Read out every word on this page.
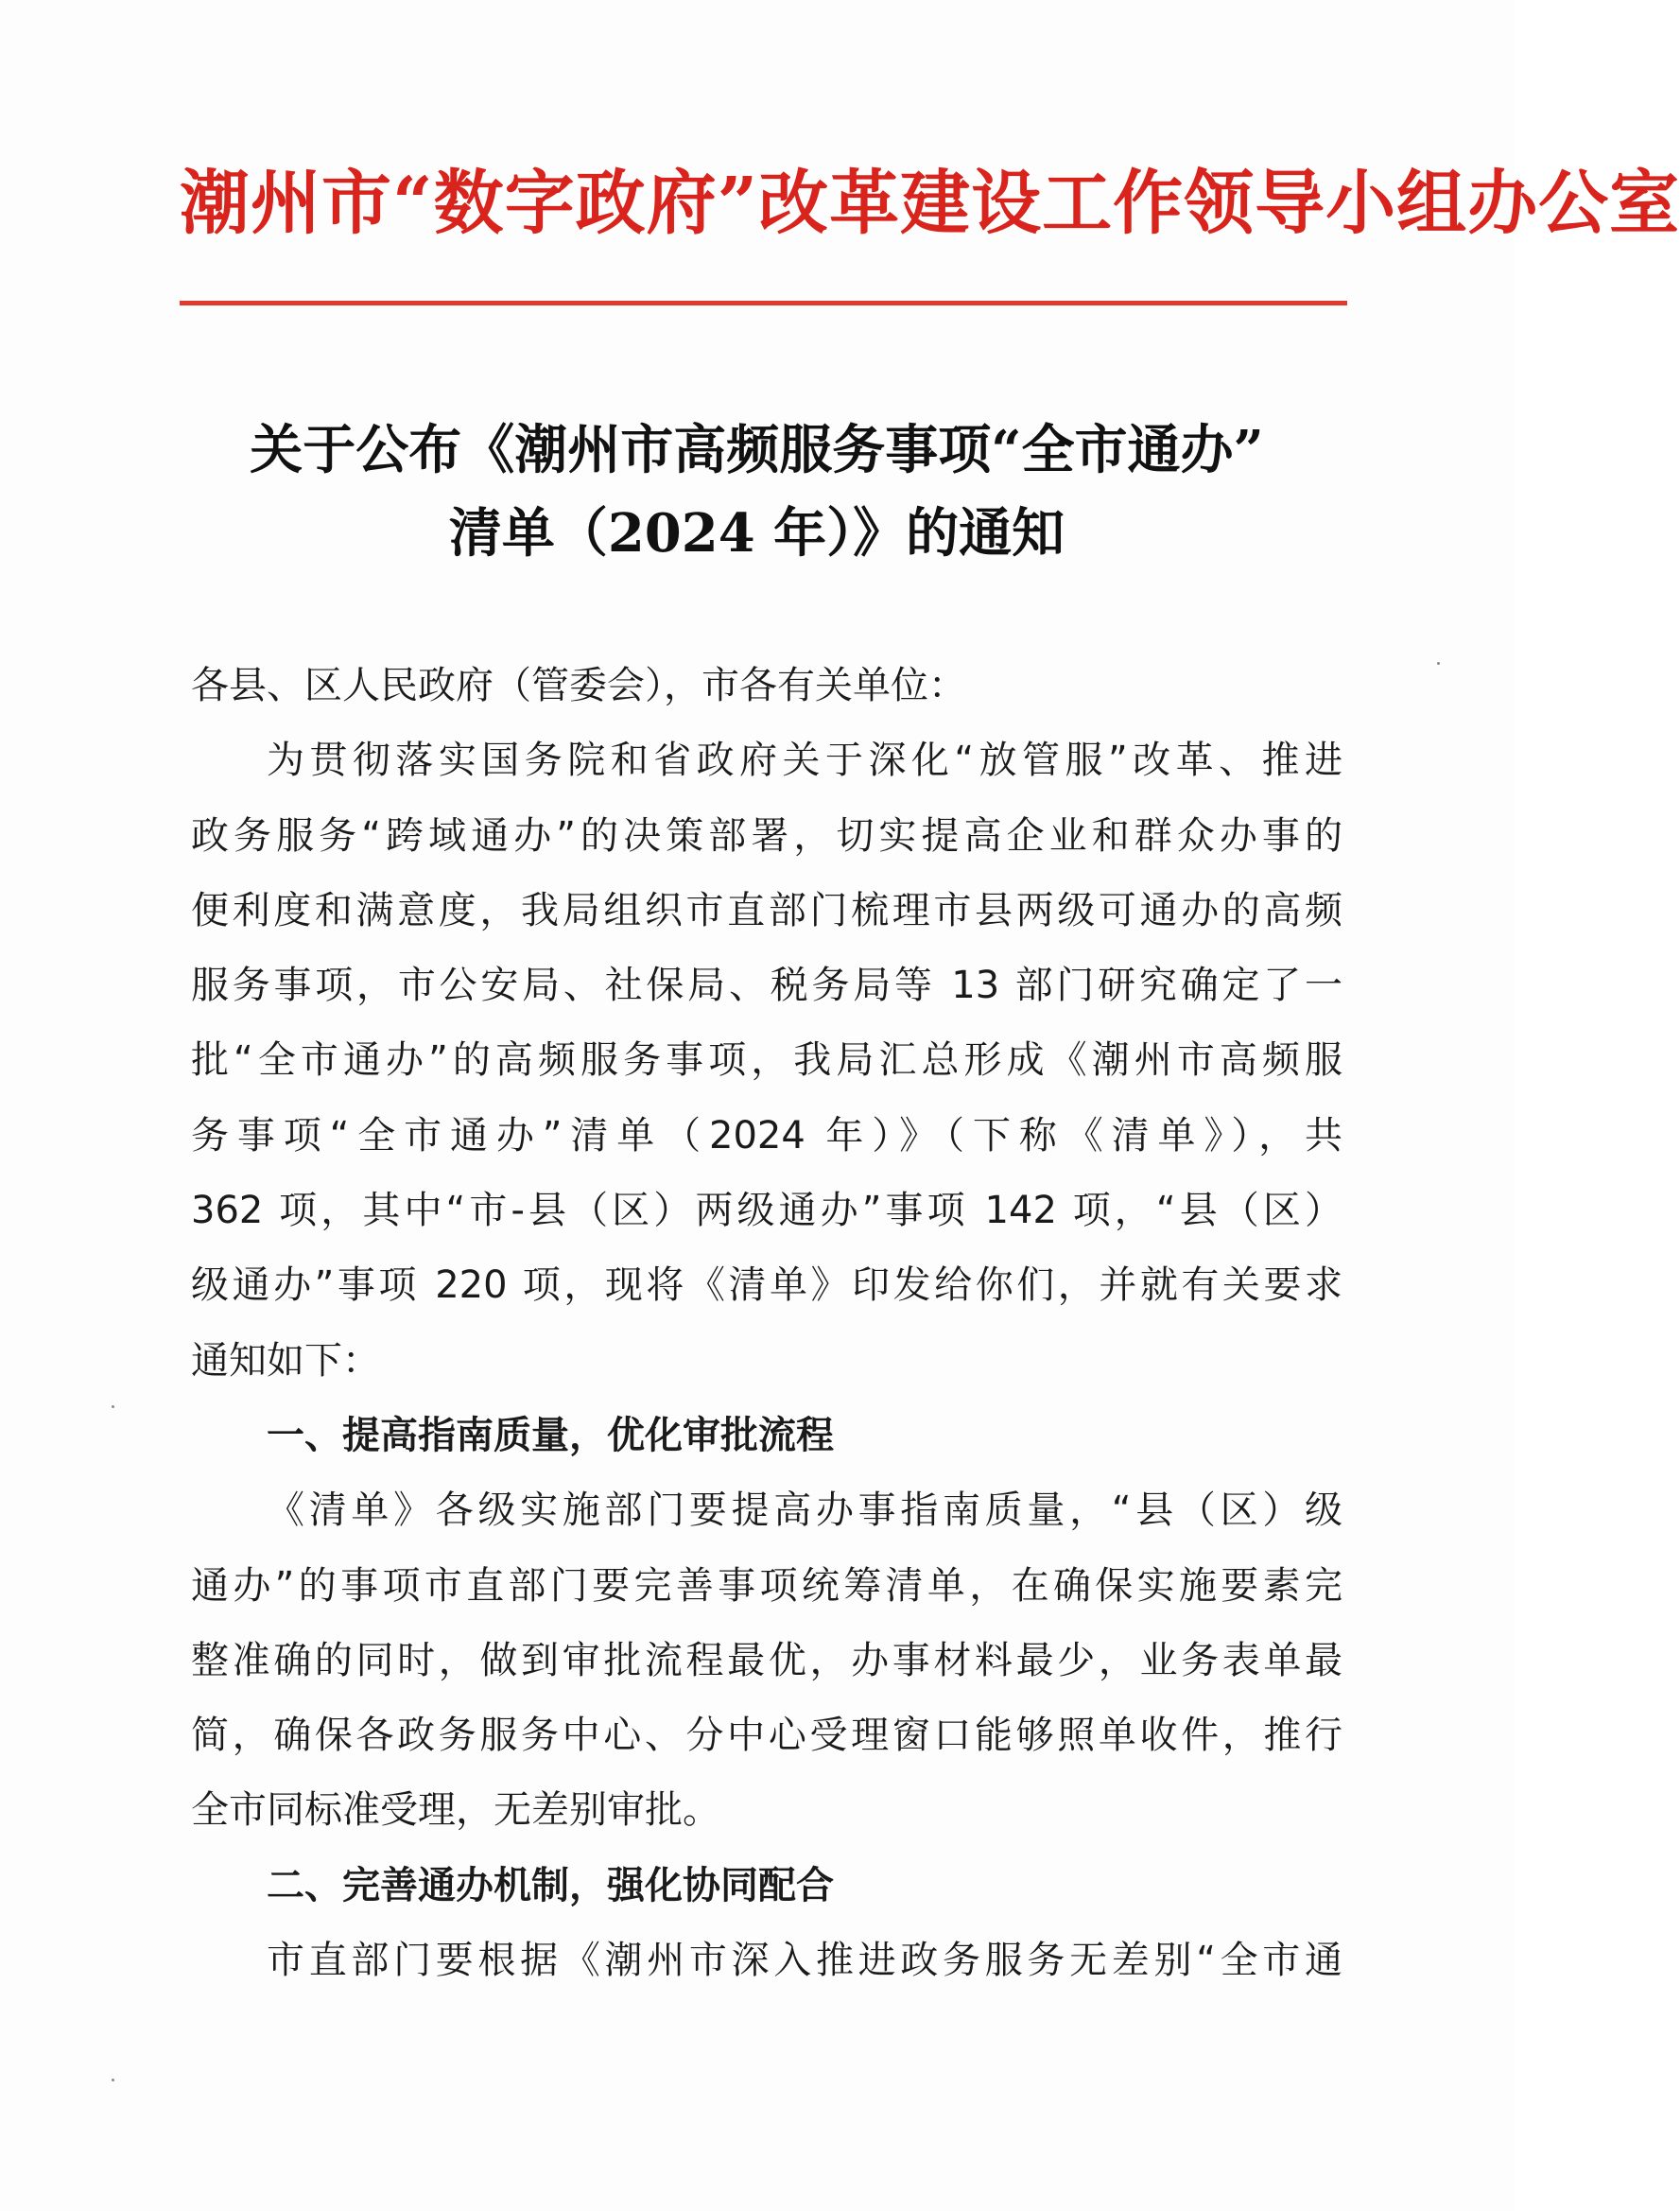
潮州市“数字政府”改革建设工作领导小组办公室
关于公布《潮州市高频服务事项“全市通办”
清单（2024 年）》的通知
各县、区人民政府（管委会），市各有关单位：
为贯彻落实国务院和省政府关于深化“放管服”改革、推进
政务服务“跨域通办”的决策部署，切实提高企业和群众办事的
便利度和满意度，我局组织市直部门梳理市县两级可通办的高频
服务事项，市公安局、社保局、税务局等 13 部门研究确定了一
批“全市通办”的高频服务事项，我局汇总形成《潮州市高频服
务事项“全市通办”清单（2024 年）》（下称《清单》），共
362 项，其中“市-县（区）两级通办”事项 142 项，“县（区）
级通办”事项 220 项，现将《清单》印发给你们，并就有关要求
通知如下：
一、提高指南质量，优化审批流程
《清单》各级实施部门要提高办事指南质量，“县（区）级
通办”的事项市直部门要完善事项统筹清单，在确保实施要素完
整准确的同时，做到审批流程最优，办事材料最少，业务表单最
简，确保各政务服务中心、分中心受理窗口能够照单收件，推行
全市同标准受理，无差别审批。
二、完善通办机制，强化协同配合
市直部门要根据《潮州市深入推进政务服务无差别“全市通
